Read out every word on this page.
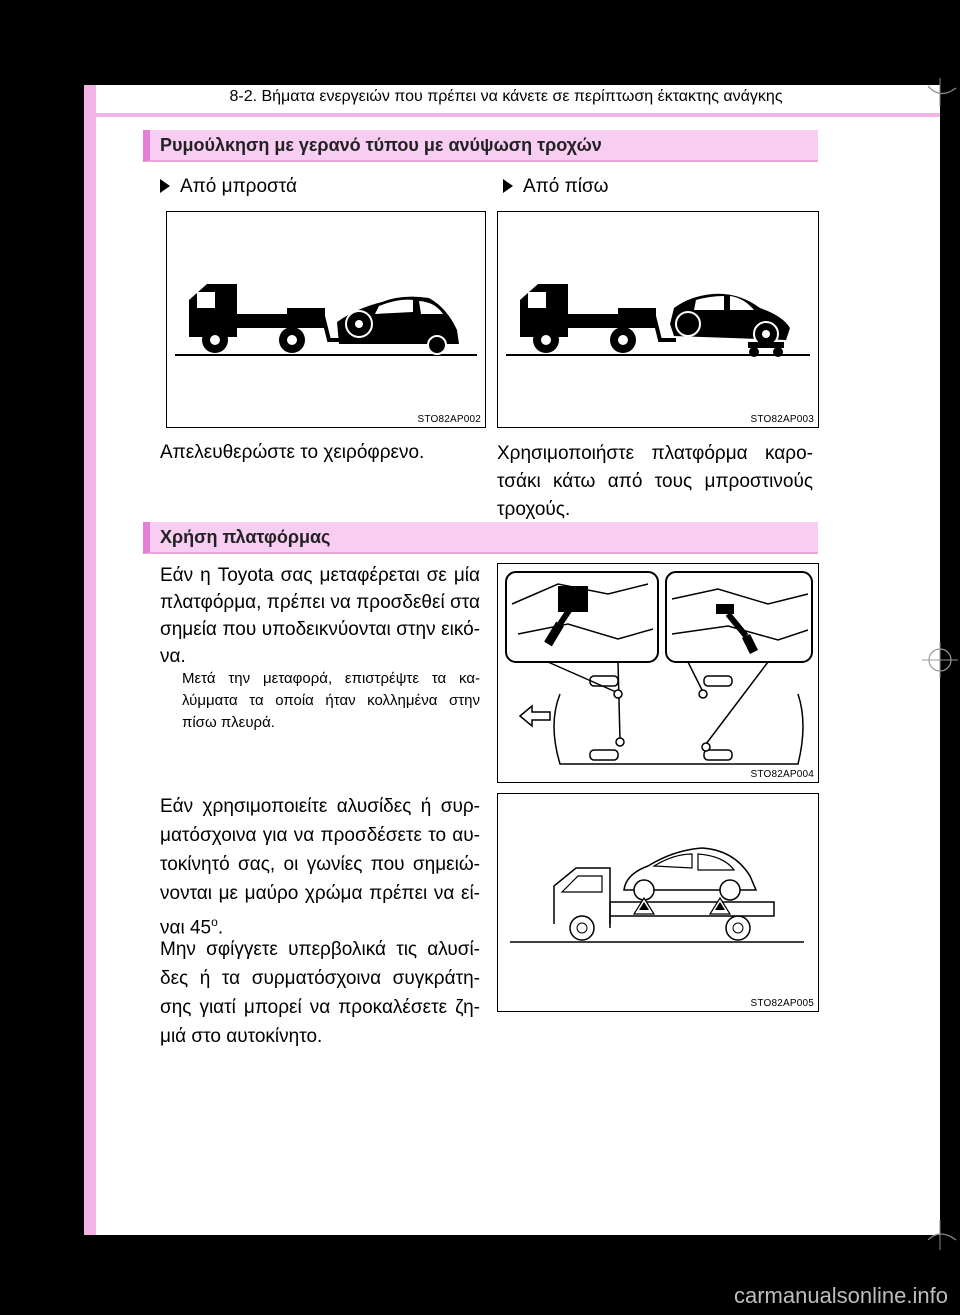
8-2. Βήματα ενεργειών που πρέπει να κάνετε σε περίπτωση έκτακτης ανάγκης
Ρυμούλκηση με γερανό τύπου με ανύψωση τροχών
Από μπροστά	Από πίσω
STO82AP002	STO82AP003
Απελευθερώστε το χειρόφρενο.	Χρησιμοποιήστε πλατφόρμα καρο-τσάκι κάτω από τους μπροστινούς τροχούς.
Χρήση πλατφόρμας
Εάν η Toyota σας μεταφέρεται σε μία πλατφόρμα, πρέπει να προσδεθεί στα σημεία που υποδεικνύονται στην εικό-να.
Μετά την μεταφορά, επιστρέψτε τα κα-λύμματα τα οποία ήταν κολλημένα στην πίσω πλευρά.
STO82AP004
Εάν χρησιμοποιείτε αλυσίδες ή συρ-ματόσχοινα για να προσδέσετε το αυ-τοκίνητό σας, οι γωνίες που σημειώ-νονται με μαύρο χρώμα πρέπει να εί-ναι 45$^o$.
Μην σφίγγετε υπερβολικά τις αλυσί-δες ή τα συρματόσχοινα συγκράτη-σης γιατί μπορεί να προκαλέσετε ζη-μιά στο αυτοκίνητο.
STO82AP005
carmanualsonline.info
